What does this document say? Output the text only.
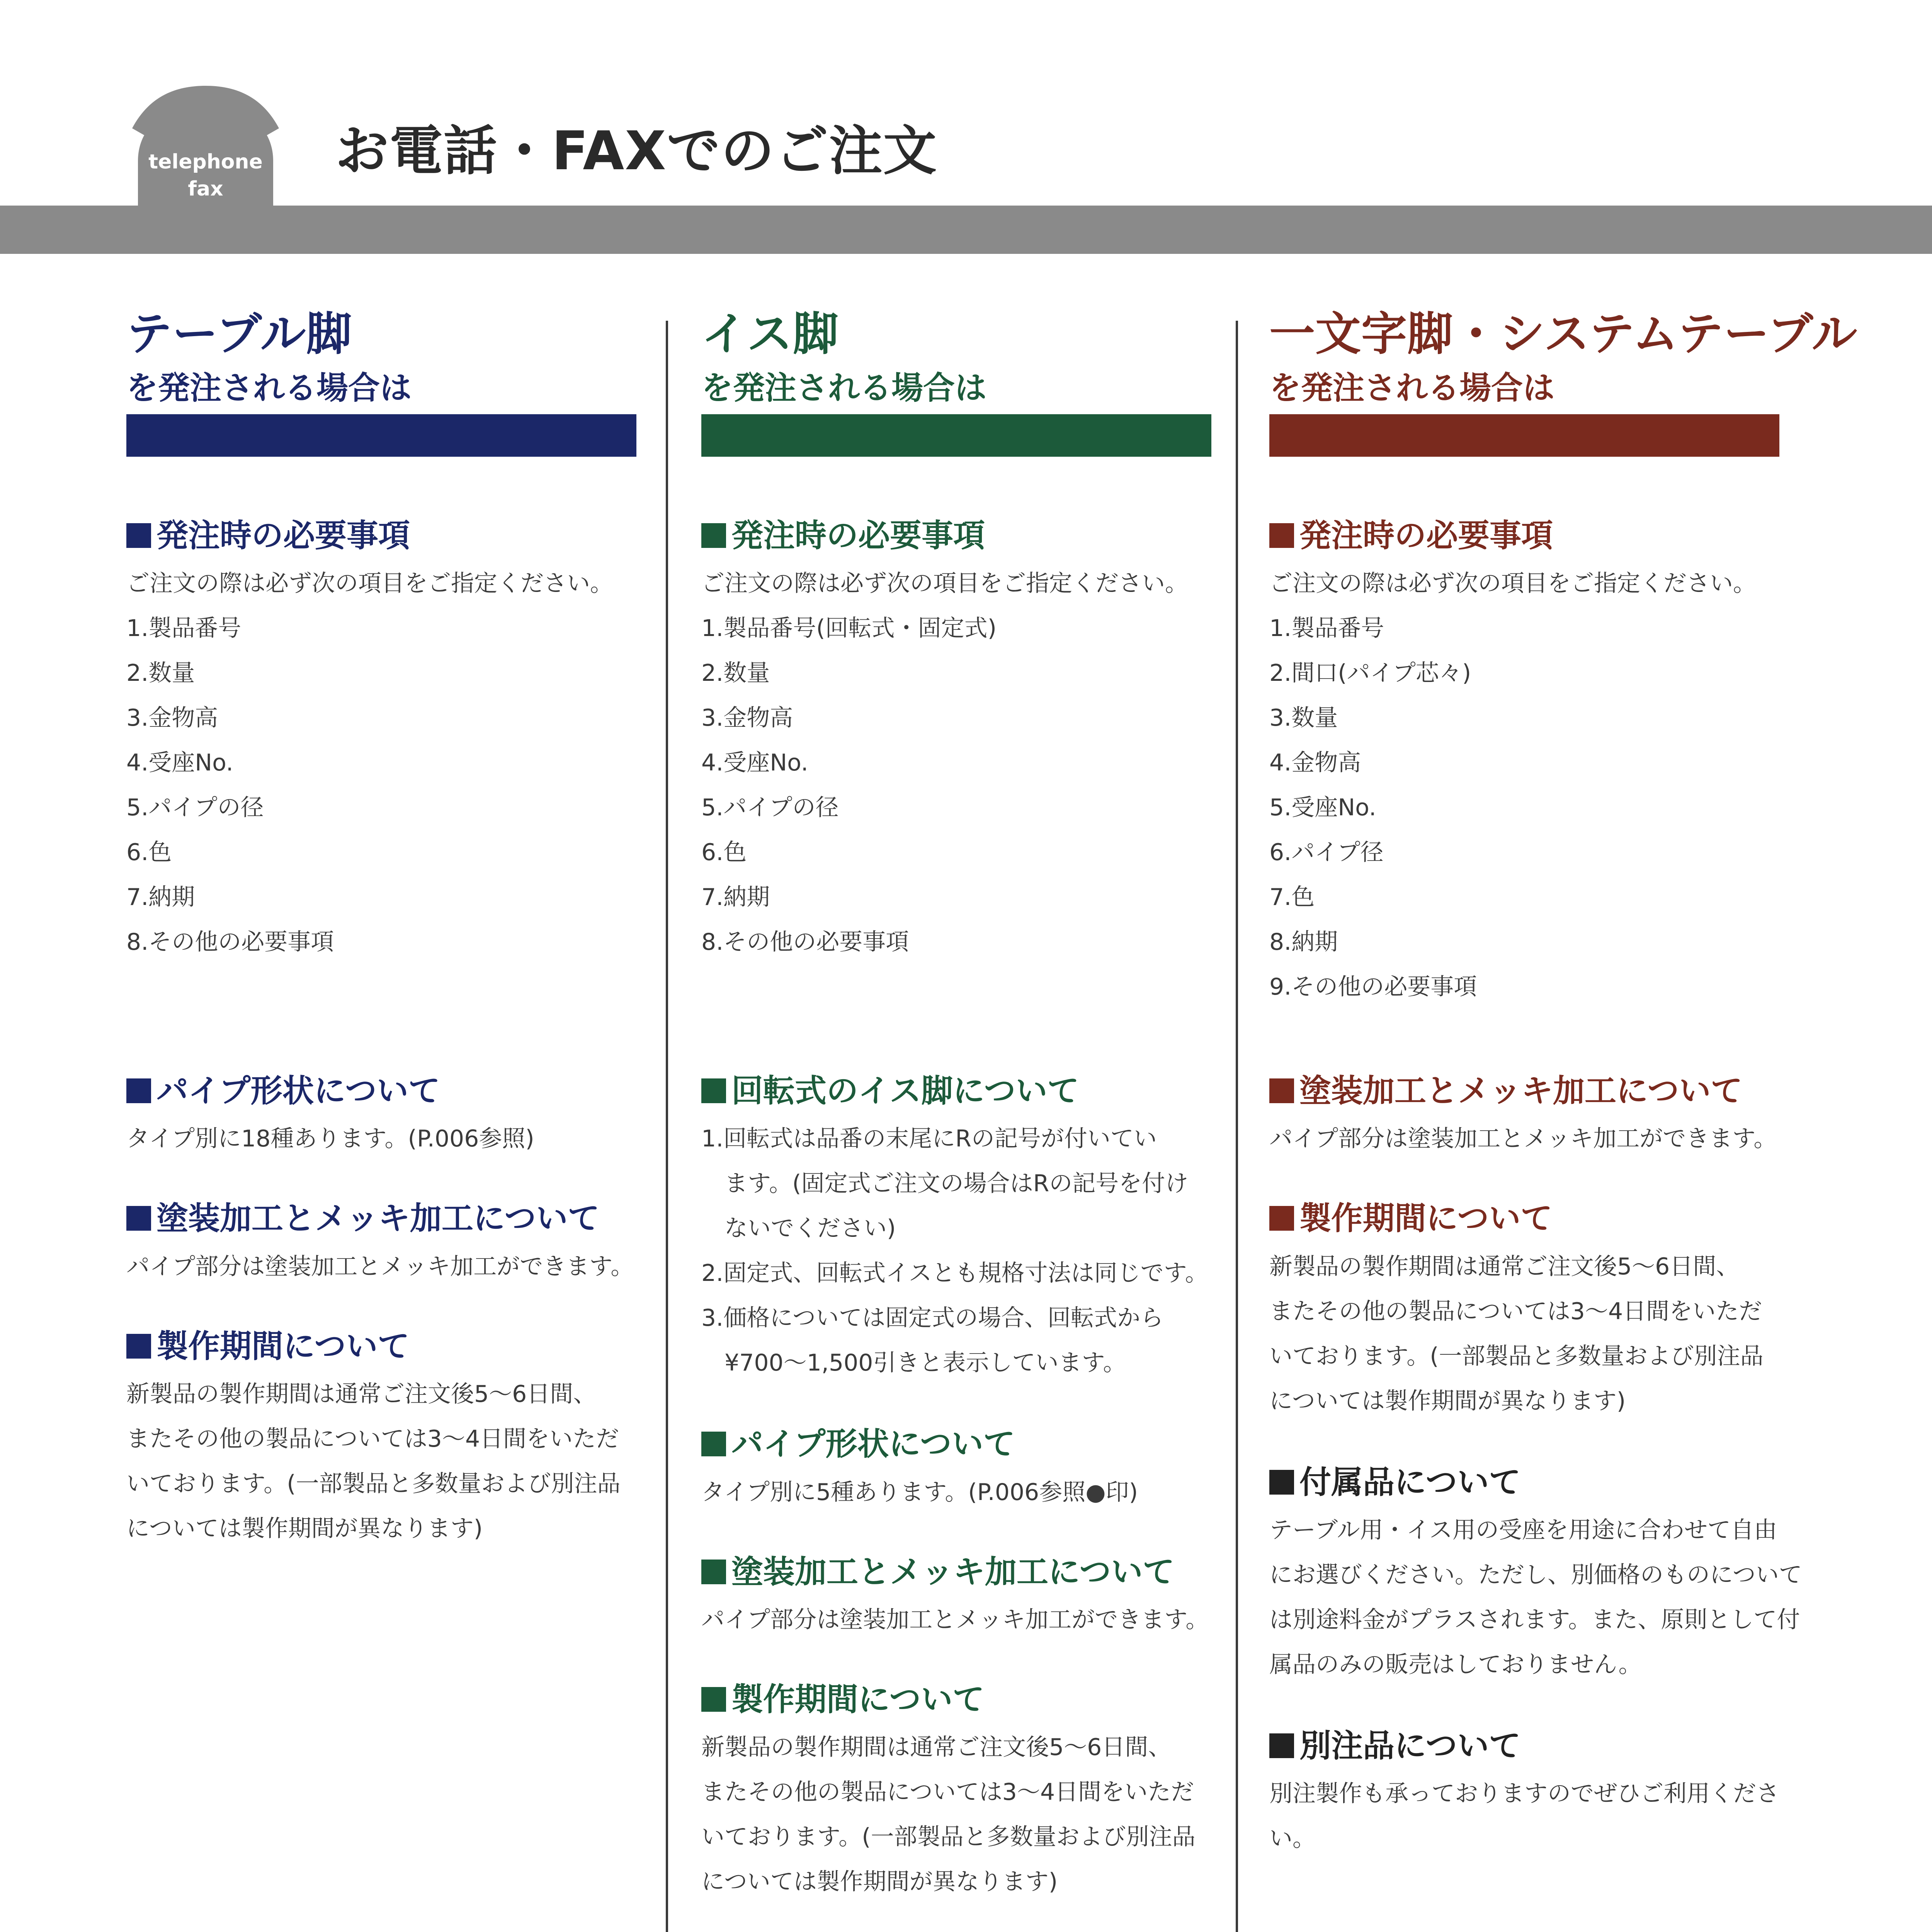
telephone
fax
お電話・FAXでのご注文
テーブル脚
を発注される場合は
発注時の必要事項
ご注文の際は必ず次の項目をご指定ください。
1.製品番号
2.数量
3.金物高
4.受座No.
5.パイプの径
6.色
7.納期
8.その他の必要事項
パイプ形状について
タイプ別に18種あります。(P.006参照)
塗装加工とメッキ加工について
パイプ部分は塗装加工とメッキ加工ができます。
製作期間について
新製品の製作期間は通常ご注文後5〜6日間、
またその他の製品については3〜4日間をいただ
いております。(一部製品と多数量および別注品
については製作期間が異なります)
イス脚
を発注される場合は
発注時の必要事項
ご注文の際は必ず次の項目をご指定ください。
1.製品番号(回転式・固定式)
2.数量
3.金物高
4.受座No.
5.パイプの径
6.色
7.納期
8.その他の必要事項
回転式のイス脚について
1.回転式は品番の末尾にRの記号が付いてい
ます。(固定式ご注文の場合はRの記号を付け
ないでください)
2.固定式、回転式イスとも規格寸法は同じです。
3.価格については固定式の場合、回転式から
¥700〜1,500引きと表示しています。
パイプ形状について
タイプ別に5種あります。(P.006参照●印)
塗装加工とメッキ加工について
パイプ部分は塗装加工とメッキ加工ができます。
製作期間について
新製品の製作期間は通常ご注文後5〜6日間、
またその他の製品については3〜4日間をいただ
いております。(一部製品と多数量および別注品
については製作期間が異なります)
一文字脚・システムテーブル
を発注される場合は
発注時の必要事項
ご注文の際は必ず次の項目をご指定ください。
1.製品番号
2.間口(パイプ芯々)
3.数量
4.金物高
5.受座No.
6.パイプ径
7.色
8.納期
9.その他の必要事項
塗装加工とメッキ加工について
パイプ部分は塗装加工とメッキ加工ができます。
製作期間について
新製品の製作期間は通常ご注文後5〜6日間、
またその他の製品については3〜4日間をいただ
いております。(一部製品と多数量および別注品
については製作期間が異なります)
付属品について
テーブル用・イス用の受座を用途に合わせて自由
にお選びください。ただし、別価格のものについて
は別途料金がプラスされます。また、原則として付
属品のみの販売はしておりません。
別注品について
別注製作も承っておりますのでぜひご利用くださ
い。
